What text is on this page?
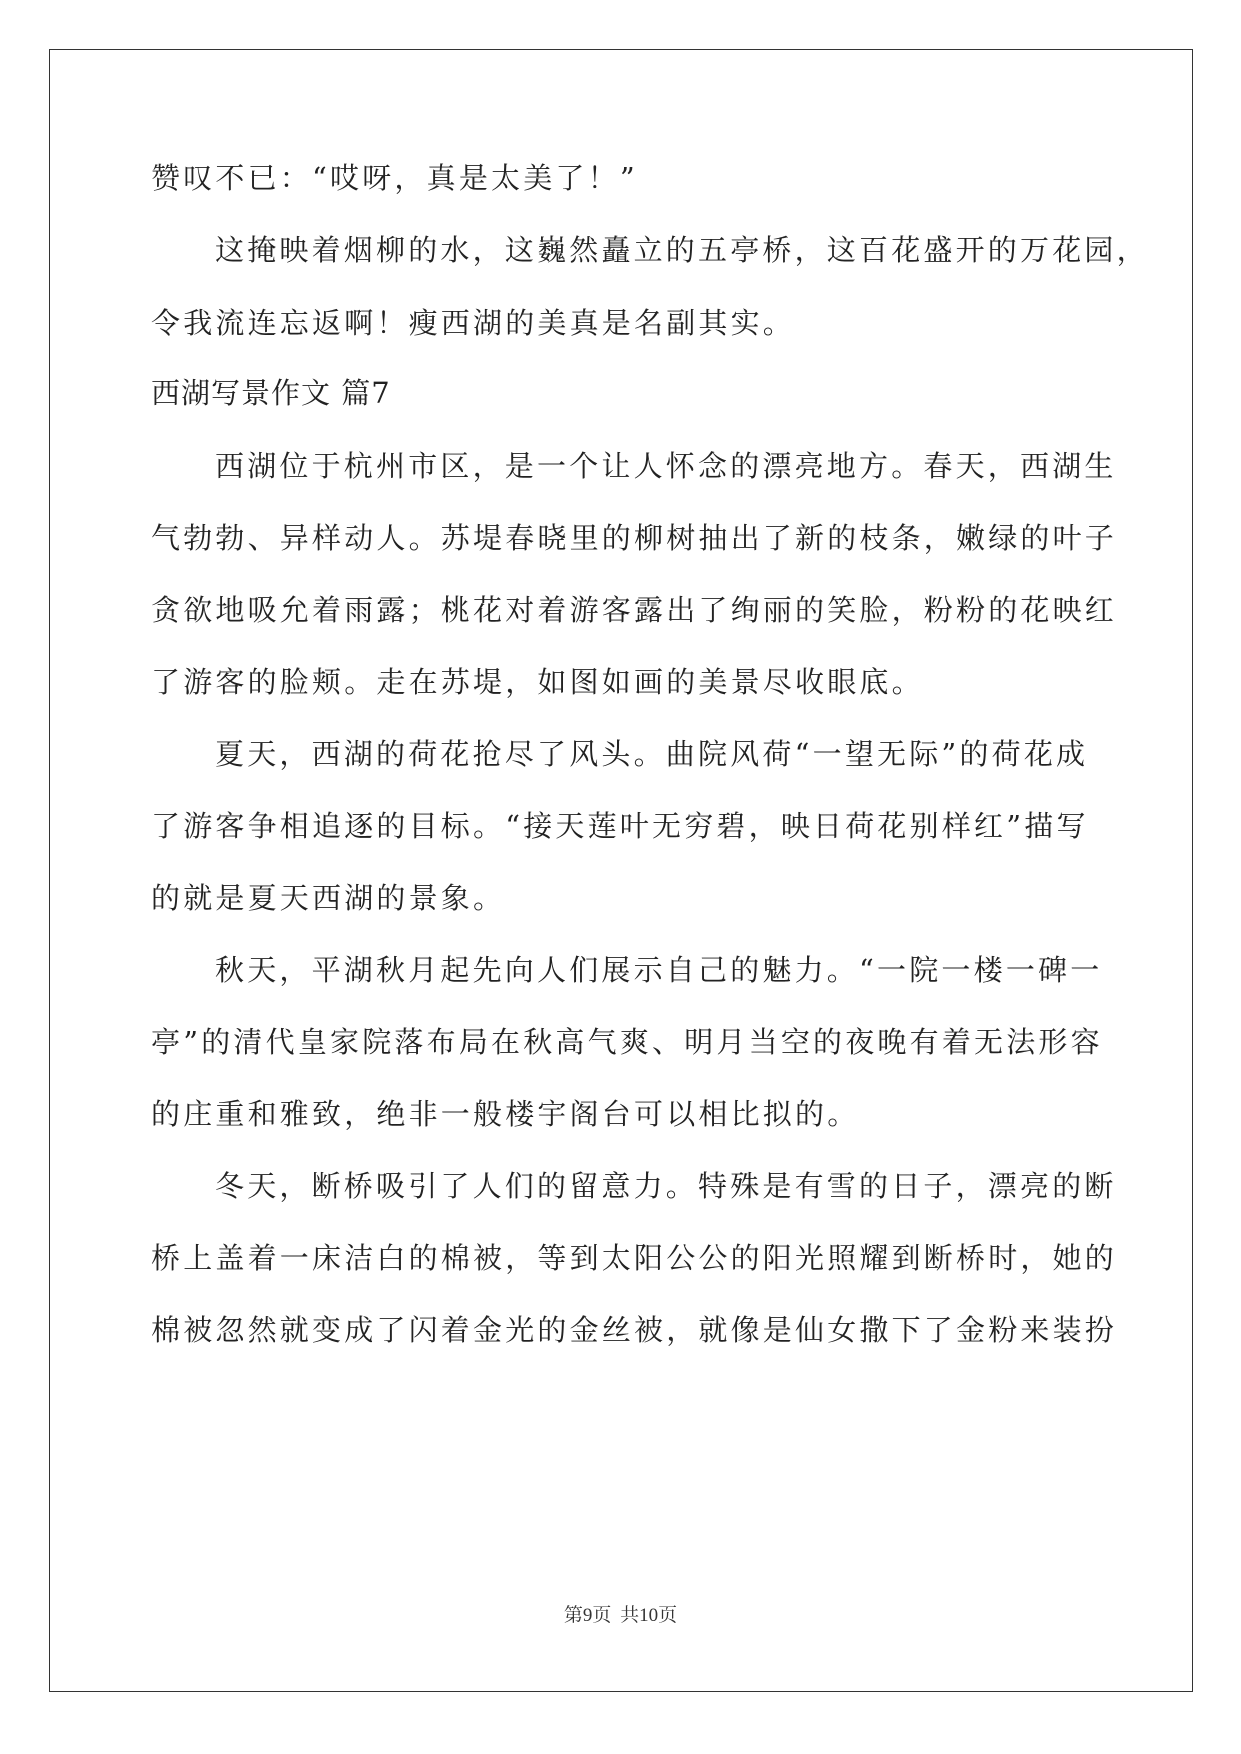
赞叹不已：“哎呀，真是太美了！”
这掩映着烟柳的水，这巍然矗立的五亭桥，这百花盛开的万花园，
令我流连忘返啊！瘦西湖的美真是名副其实。
西湖写景作文 篇7
西湖位于杭州市区，是一个让人怀念的漂亮地方。春天，西湖生
气勃勃、异样动人。苏堤春晓里的柳树抽出了新的枝条，嫩绿的叶子
贪欲地吸允着雨露；桃花对着游客露出了绚丽的笑脸，粉粉的花映红
了游客的脸颊。走在苏堤，如图如画的美景尽收眼底。
夏天，西湖的荷花抢尽了风头。曲院风荷“一望无际”的荷花成
了游客争相追逐的目标。“接天莲叶无穷碧，映日荷花别样红”描写
的就是夏天西湖的景象。
秋天，平湖秋月起先向人们展示自己的魅力。“一院一楼一碑一
亭”的清代皇家院落布局在秋高气爽、明月当空的夜晚有着无法形容
的庄重和雅致，绝非一般楼宇阁台可以相比拟的。
冬天，断桥吸引了人们的留意力。特殊是有雪的日子，漂亮的断
桥上盖着一床洁白的棉被，等到太阳公公的阳光照耀到断桥时，她的
棉被忽然就变成了闪着金光的金丝被，就像是仙女撒下了金粉来装扮
第9页 共10页
